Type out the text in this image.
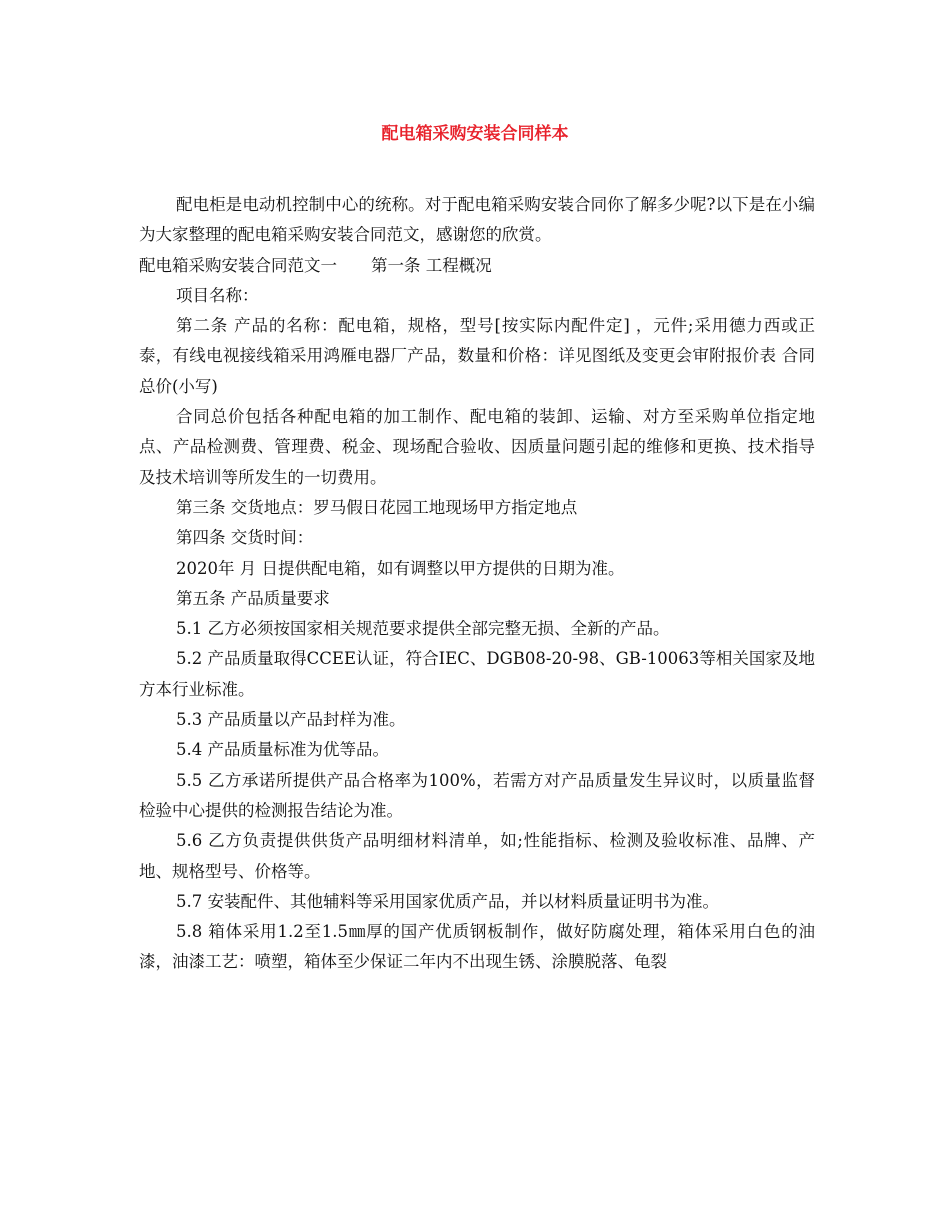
配电箱采购安装合同样本

配电柜是电动机控制中心的统称。对于配电箱采购安装合同你了解多少呢?以下是在小编为大家整理的配电箱采购安装合同范文，感谢您的欣赏。

配电箱采购安装合同范文一 第一条 工程概况

项目名称：

第二条 产品的名称：配电箱，规格，型号[按实际内配件定] ，元件;采用德力西或正泰，有线电视接线箱采用鸿雁电器厂产品，数量和价格：详见图纸及变更会审附报价表 合同总价(小写)

合同总价包括各种配电箱的加工制作、配电箱的装卸、运输、对方至采购单位指定地点、产品检测费、管理费、税金、现场配合验收、因质量问题引起的维修和更换、技术指导及技术培训等所发生的一切费用。

第三条 交货地点：罗马假日花园工地现场甲方指定地点

第四条 交货时间：

2020年 月 日提供配电箱，如有调整以甲方提供的日期为准。

第五条 产品质量要求

5.1 乙方必须按国家相关规范要求提供全部完整无损、全新的产品。

5.2 产品质量取得CCEE认证，符合IEC、DGB08-20-98、GB-10063等相关国家及地 方本行业标准。

5.3 产品质量以产品封样为准。

5.4 产品质量标准为优等品。

5.5 乙方承诺所提供产品合格率为100%，若需方对产品质量发生异议时，以质量监督检验中心提供的检测报告结论为准。

5.6 乙方负责提供供货产品明细材料清单，如;性能指标、检测及验收标准、品牌、产地、规格型号、价格等。

5.7 安装配件、其他辅料等采用国家优质产品，并以材料质量证明书为准。

5.8 箱体采用1.2至1.5㎜厚的国产优质钢板制作，做好防腐处理，箱体采用白色的油漆，油漆工艺：喷塑，箱体至少保证二年内不出现生锈、涂膜脱落、龟裂
